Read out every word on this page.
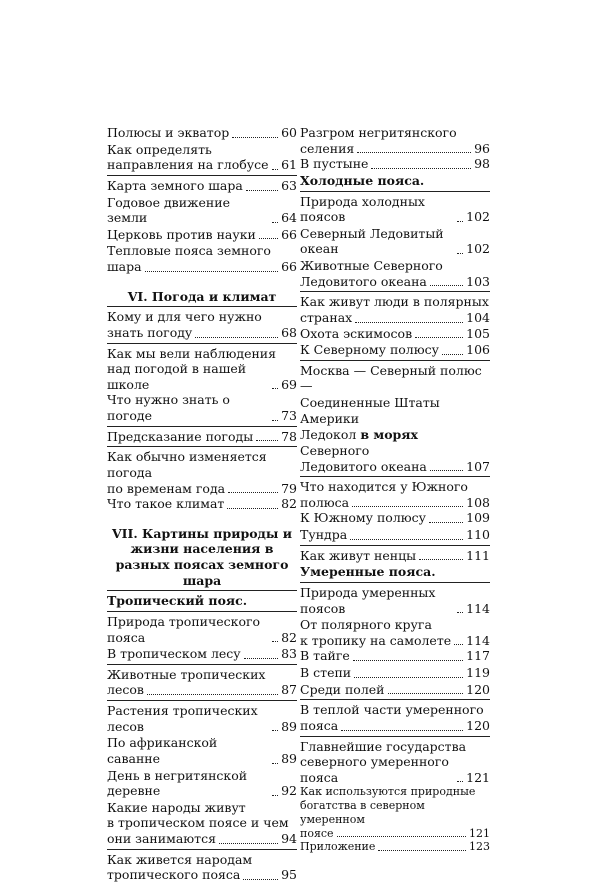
Полюсы и экватор	60
Как определять
направления на глобусе 61
Карта земного шара	63
Годовое движение земли	64
Церковь против науки 66
Тепловые пояса земного
шара	66
VI. Погода и климат
Кому и для чего нужно
знать погоду	68
Как мы вели наблюдения
над погодой в нашей школе	69
Что нужно знать о погоде	73
Предсказание погоды 78
Как обычно изменяется погода
по временам года	79
Что такое климат	82
VII. Картины природы и жизни населения в разных поясах земного шара
Тропический пояс.
Природа тропического пояса	82
В тропическом лесу	83
Животные тропических
лесов	87
Растения тропических лесов	89
По африканской саванне	89
День в негритянской деревне	92
Какие народы живут
в тропическом поясе и чем
они занимаются	94
Как живется народам
тропического пояса	95
Разгром негритянского
селения	96
В пустыне	98
Холодные пояса.
Природа холодных поясов	102
Северный Ледовитый океан	102
Животные Северного
Ледовитого океана	103
Как живут люди в полярных
странах	104
Охота эскимосов	105
К Северному полюсу 106
Москва — Северный полюс —
Соединенные Штаты Америки
Ледокол в морях Северного
Ледовитого океана	107
Что находится у Южного
полюса	108
К Южному полюсу	109
Тундра	110
Как живут ненцы	111
Умеренные пояса.
Природа умеренных поясов	114
От полярного круга
к тропику на самолете 114
В тайге	117
В степи	119
Среди полей	120
В теплой части умеренного
пояса	120
Главнейшие государства
северного умеренного пояса	121
Как используются природные
богатства в северном умеренном
поясе	121
Приложение	123
